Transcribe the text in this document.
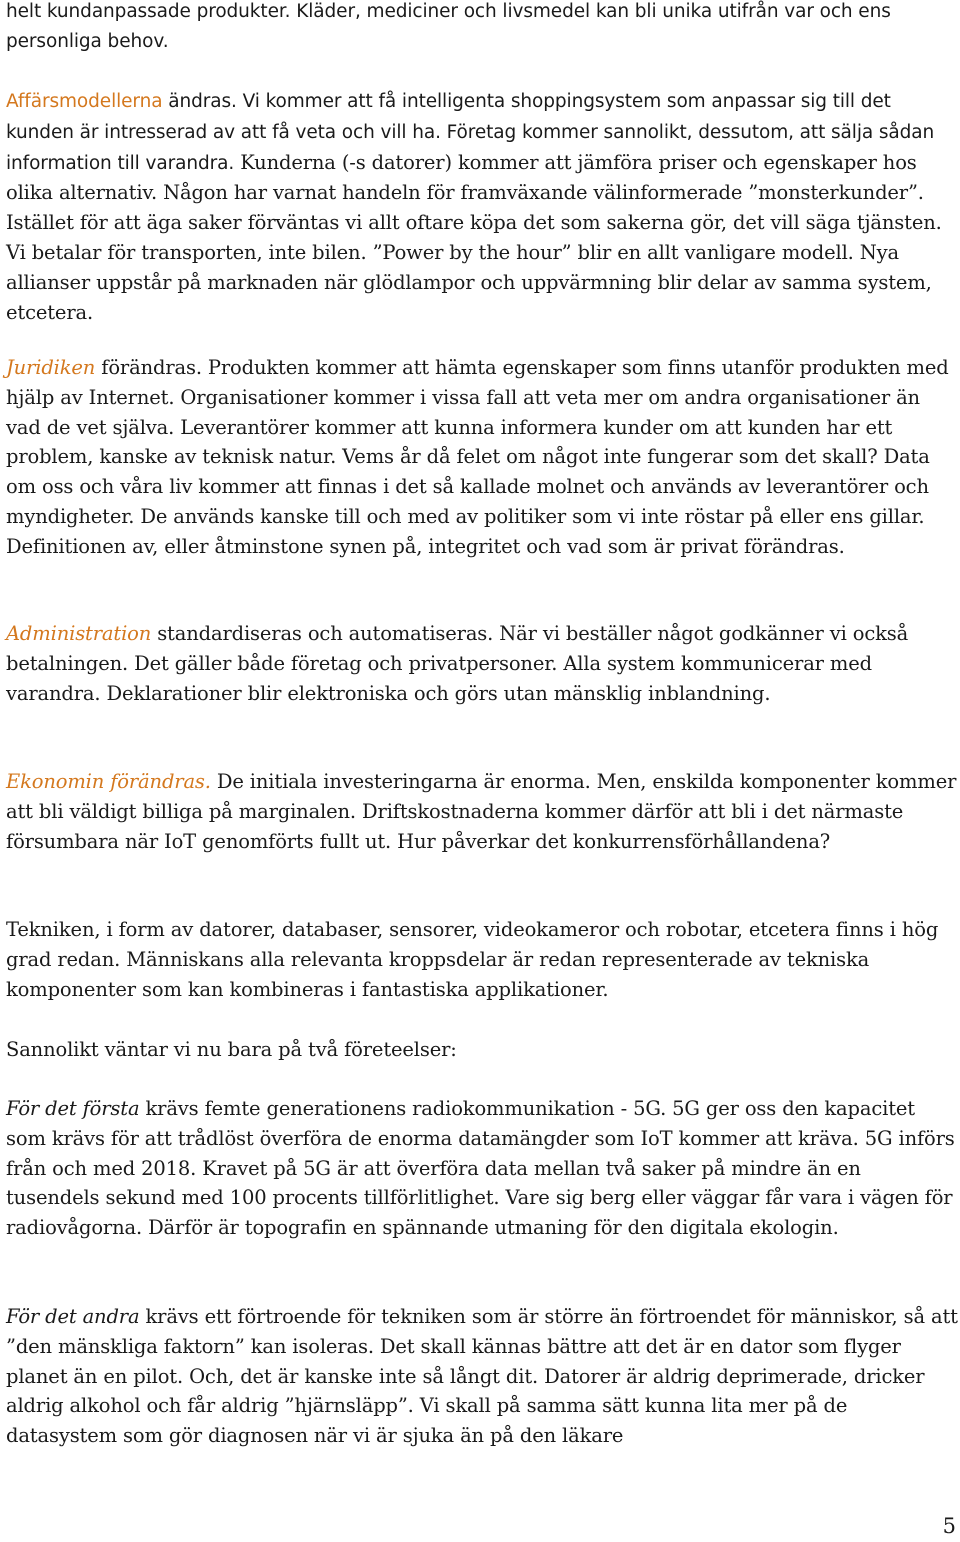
helt kundanpassade produkter. Kläder, mediciner och livsmedel kan bli unika utifrån var och ens personliga behov.

Affärsmodellerna ändras. Vi kommer att få intelligenta shoppingsystem som anpassar sig till det kunden är intresserad av att få veta och vill ha. Företag kommer sannolikt, dessutom, att sälja sådan information till varandra. Kunderna (-s datorer) kommer att jämföra priser och egenskaper hos olika alternativ. Någon har varnat handeln för framväxande välinformerade ”monsterkunder”. Istället för att äga saker förväntas vi allt oftare köpa det som sakerna gör, det vill säga tjänsten. Vi betalar för transporten, inte bilen. ”Power by the hour” blir en allt vanligare modell. Nya allianser uppstår på marknaden när glödlampor och uppvärmning blir delar av samma system, etcetera.

Juridiken förändras. Produkten kommer att hämta egenskaper som finns utanför produkten med hjälp av Internet. Organisationer kommer i vissa fall att veta mer om andra organisationer än vad de vet själva. Leverantörer kommer att kunna informera kunder om att kunden har ett problem, kanske av teknisk natur. Vems år då felet om något inte fungerar som det skall? Data om oss och våra liv kommer att finnas i det så kallade molnet och används av leverantörer och myndigheter. De används kanske till och med av politiker som vi inte röstar på eller ens gillar. Definitionen av, eller åtminstone synen på, integritet och vad som är privat förändras.

Administration standardiseras och automatiseras. När vi beställer något godkänner vi också betalningen. Det gäller både företag och privatpersoner. Alla system kommunicerar med varandra. Deklarationer blir elektroniska och görs utan mänsklig inblandning.

Ekonomin förändras. De initiala investeringarna är enorma. Men, enskilda komponenter kommer att bli väldigt billiga på marginalen. Driftskostnaderna kommer därför att bli i det närmaste försumbara när IoT genomförts fullt ut. Hur påverkar det konkurrensförhållandena?

Tekniken, i form av datorer, databaser, sensorer, videokameror och robotar, etcetera finns i hög grad redan. Människans alla relevanta kroppsdelar är redan representerade av tekniska komponenter som kan kombineras i fantastiska applikationer.

Sannolikt väntar vi nu bara på två företeelser:

För det första krävs femte generationens radiokommunikation - 5G. 5G ger oss den kapacitet som krävs för att trådlöst överföra de enorma datamängder som IoT kommer att kräva. 5G införs från och med 2018. Kravet på 5G är att överföra data mellan två saker på mindre än en tusendels sekund med 100 procents tillförlitlighet. Vare sig berg eller väggar får vara i vägen för radiovågorna. Därför är topografin en spännande utmaning för den digitala ekologin.

För det andra krävs ett förtroende för tekniken som är större än förtroendet för människor, så att ”den mänskliga faktorn” kan isoleras. Det skall kännas bättre att det är en dator som flyger planet än en pilot. Och, det är kanske inte så långt dit. Datorer är aldrig deprimerade, dricker aldrig alkohol och får aldrig ”hjärnsläpp”. Vi skall på samma sätt kunna lita mer på de datasystem som gör diagnosen när vi är sjuka än på den läkare

5
